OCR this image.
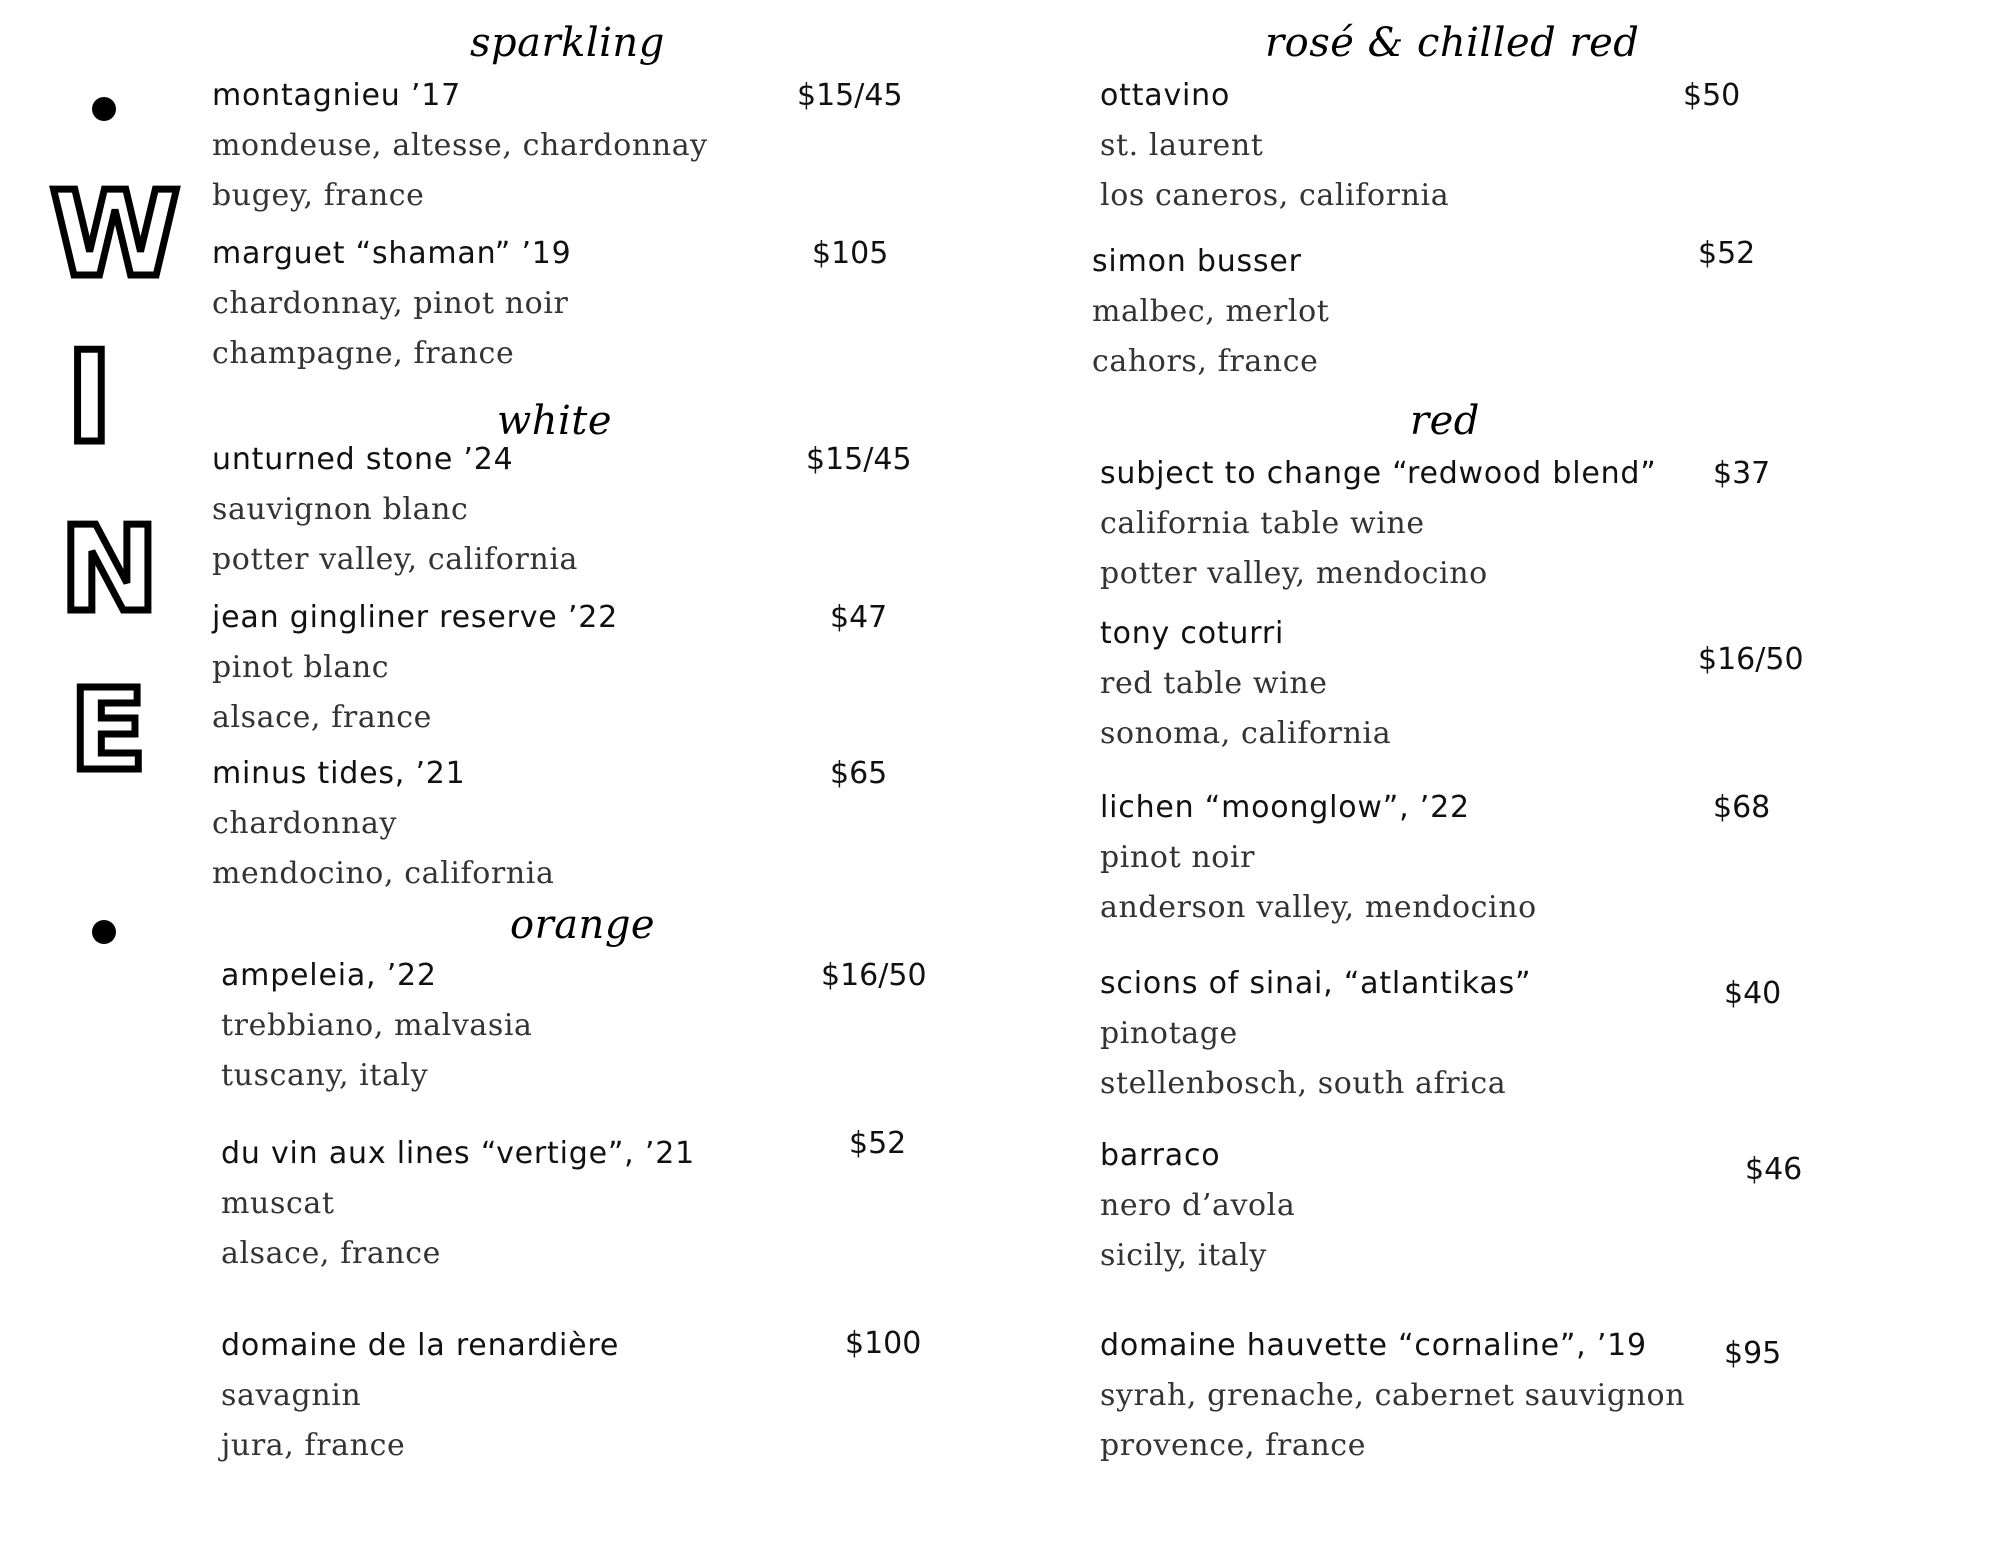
W
I
N
E
sparkling
white
orange
rosé & chilled red
red
montagnieu ’17
mondeuse, altesse, chardonnay
bugey, france
$15/45
marguet “shaman” ’19
chardonnay, pinot noir
champagne, france
$105
unturned stone ’24
sauvignon blanc
potter valley, california
$15/45
jean gingliner reserve ’22
pinot blanc
alsace, france
$47
minus tides, ’21
chardonnay
mendocino, california
$65
ampeleia, ’22
trebbiano, malvasia
tuscany, italy
$16/50
du vin aux lines “vertige”, ’21
muscat
alsace, france
$52
domaine de la renardière
savagnin
jura, france
$100
ottavino
st. laurent
los caneros, california
$50
simon busser
malbec, merlot
cahors, france
$52
subject to change “redwood blend”
california table wine
potter valley, mendocino
$37
tony coturri
red table wine
sonoma, california
$16/50
lichen “moonglow”, ’22
pinot noir
anderson valley, mendocino
$68
scions of sinai, “atlantikas”
pinotage
stellenbosch, south africa
$40
barraco
nero d’avola
sicily, italy
$46
domaine hauvette “cornaline”, ’19
syrah, grenache, cabernet sauvignon
provence, france
$95
